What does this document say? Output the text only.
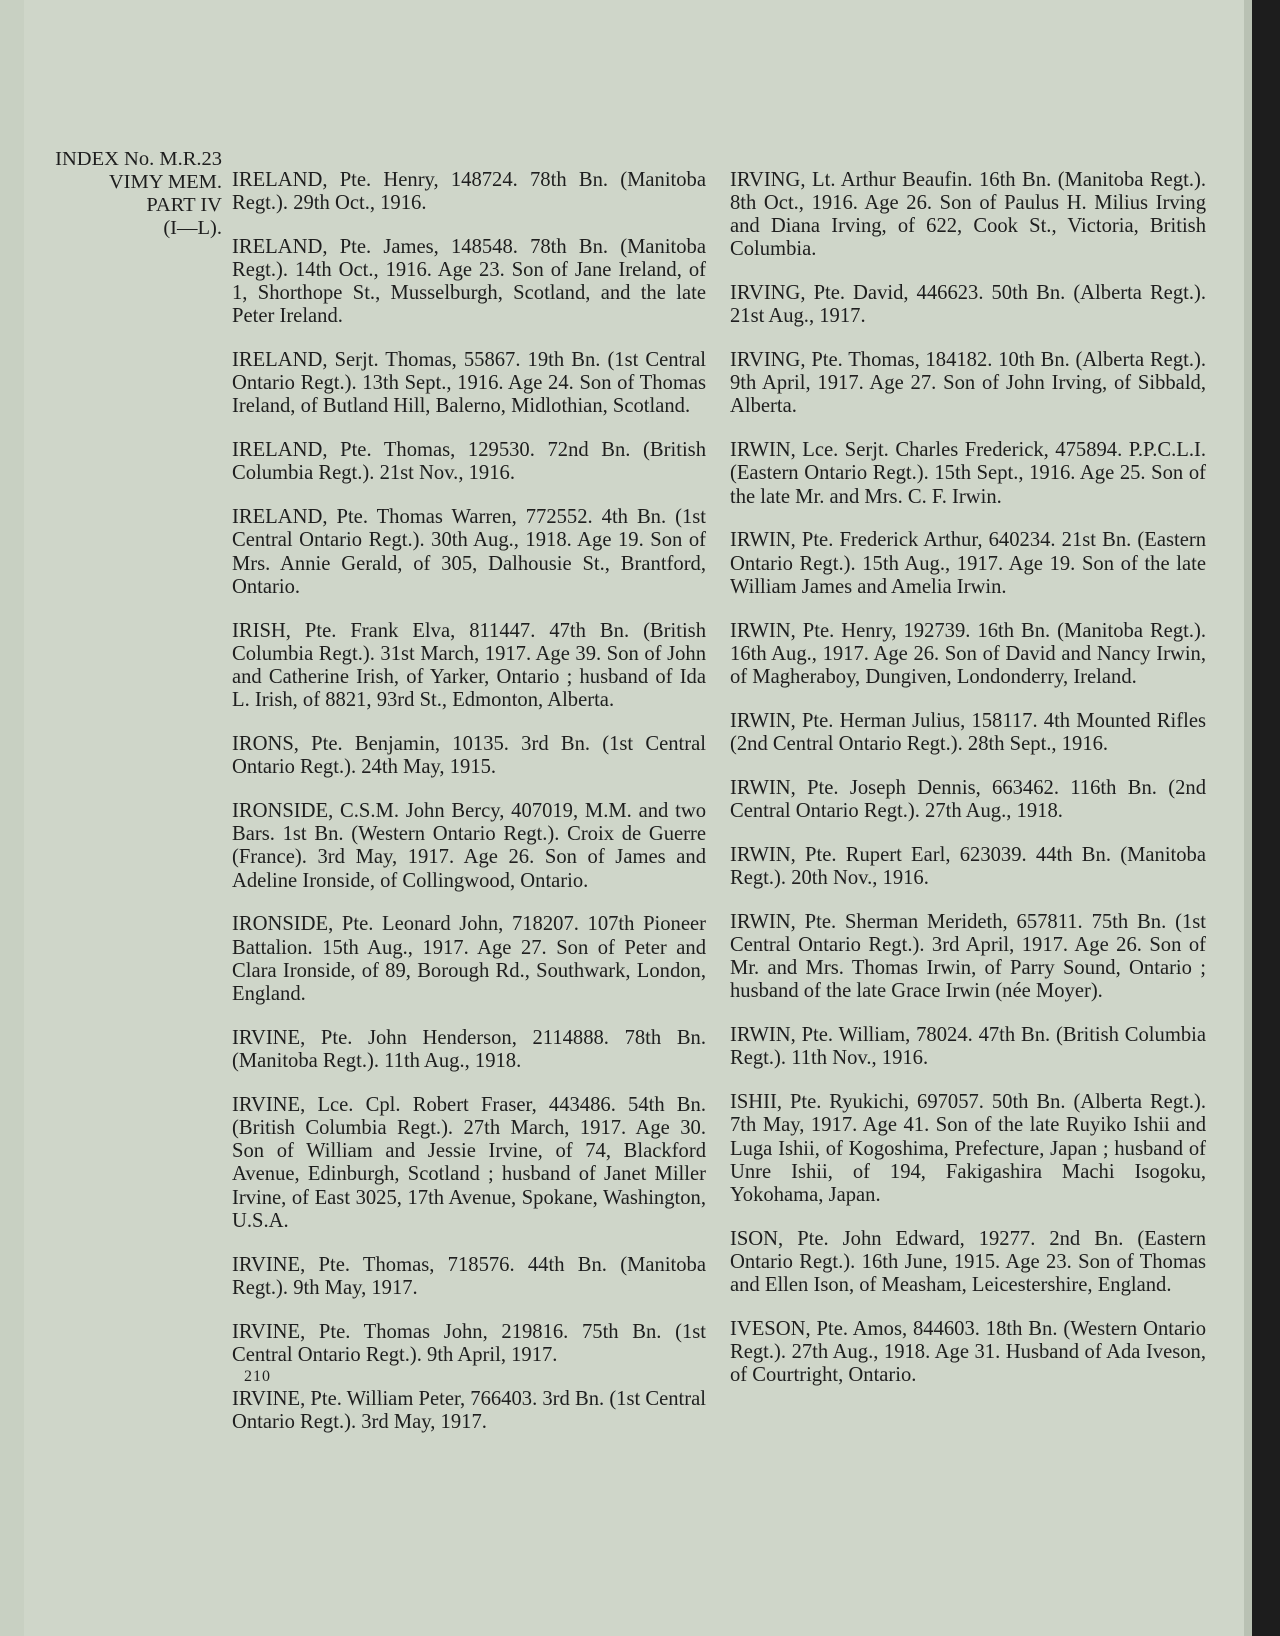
INDEX No. M.R.23
VIMY MEM.
PART IV
(I—L).

IRELAND, Pte. Henry, 148724. 78th Bn. (Manitoba Regt.). 29th Oct., 1916.

IRELAND, Pte. James, 148548. 78th Bn. (Manitoba Regt.). 14th Oct., 1916. Age 23. Son of Jane Ireland, of 1, Shorthope St., Musselburgh, Scotland, and the late Peter Ireland.

IRELAND, Serjt. Thomas, 55867. 19th Bn. (1st Central Ontario Regt.). 13th Sept., 1916. Age 24. Son of Thomas Ireland, of Butland Hill, Balerno, Midlothian, Scotland.

IRELAND, Pte. Thomas, 129530. 72nd Bn. (British Columbia Regt.). 21st Nov., 1916.

IRELAND, Pte. Thomas Warren, 772552. 4th Bn. (1st Central Ontario Regt.). 30th Aug., 1918. Age 19. Son of Mrs. Annie Gerald, of 305, Dalhousie St., Brantford, Ontario.

IRISH, Pte. Frank Elva, 811447. 47th Bn. (British Columbia Regt.). 31st March, 1917. Age 39. Son of John and Catherine Irish, of Yarker, Ontario ; husband of Ida L. Irish, of 8821, 93rd St., Edmonton, Alberta.

IRONS, Pte. Benjamin, 10135. 3rd Bn. (1st Central Ontario Regt.). 24th May, 1915.

IRONSIDE, C.S.M. John Bercy, 407019, M.M. and two Bars. 1st Bn. (Western Ontario Regt.). Croix de Guerre (France). 3rd May, 1917. Age 26. Son of James and Adeline Ironside, of Collingwood, Ontario.

IRONSIDE, Pte. Leonard John, 718207. 107th Pioneer Battalion. 15th Aug., 1917. Age 27. Son of Peter and Clara Ironside, of 89, Borough Rd., Southwark, London, England.

IRVINE, Pte. John Henderson, 2114888. 78th Bn. (Manitoba Regt.). 11th Aug., 1918.

IRVINE, Lce. Cpl. Robert Fraser, 443486. 54th Bn. (British Columbia Regt.). 27th March, 1917. Age 30. Son of William and Jessie Irvine, of 74, Blackford Avenue, Edinburgh, Scotland ; husband of Janet Miller Irvine, of East 3025, 17th Avenue, Spokane, Washington, U.S.A.

IRVINE, Pte. Thomas, 718576. 44th Bn. (Manitoba Regt.). 9th May, 1917.

IRVINE, Pte. Thomas John, 219816. 75th Bn. (1st Central Ontario Regt.). 9th April, 1917.

IRVINE, Pte. William Peter, 766403. 3rd Bn. (1st Central Ontario Regt.). 3rd May, 1917.

IRVING, Lt. Arthur Beaufin. 16th Bn. (Manitoba Regt.). 8th Oct., 1916. Age 26. Son of Paulus H. Milius Irving and Diana Irving, of 622, Cook St., Victoria, British Columbia.

IRVING, Pte. David, 446623. 50th Bn. (Alberta Regt.). 21st Aug., 1917.

IRVING, Pte. Thomas, 184182. 10th Bn. (Alberta Regt.). 9th April, 1917. Age 27. Son of John Irving, of Sibbald, Alberta.

IRWIN, Lce. Serjt. Charles Frederick, 475894. P.P.C.L.I. (Eastern Ontario Regt.). 15th Sept., 1916. Age 25. Son of the late Mr. and Mrs. C. F. Irwin.

IRWIN, Pte. Frederick Arthur, 640234. 21st Bn. (Eastern Ontario Regt.). 15th Aug., 1917. Age 19. Son of the late William James and Amelia Irwin.

IRWIN, Pte. Henry, 192739. 16th Bn. (Manitoba Regt.). 16th Aug., 1917. Age 26. Son of David and Nancy Irwin, of Magheraboy, Dungiven, Londonderry, Ireland.

IRWIN, Pte. Herman Julius, 158117. 4th Mounted Rifles (2nd Central Ontario Regt.). 28th Sept., 1916.

IRWIN, Pte. Joseph Dennis, 663462. 116th Bn. (2nd Central Ontario Regt.). 27th Aug., 1918.

IRWIN, Pte. Rupert Earl, 623039. 44th Bn. (Manitoba Regt.). 20th Nov., 1916.

IRWIN, Pte. Sherman Merideth, 657811. 75th Bn. (1st Central Ontario Regt.). 3rd April, 1917. Age 26. Son of Mr. and Mrs. Thomas Irwin, of Parry Sound, Ontario ; husband of the late Grace Irwin (née Moyer).

IRWIN, Pte. William, 78024. 47th Bn. (British Columbia Regt.). 11th Nov., 1916.

ISHII, Pte. Ryukichi, 697057. 50th Bn. (Alberta Regt.). 7th May, 1917. Age 41. Son of the late Ruyiko Ishii and Luga Ishii, of Kogoshima, Prefecture, Japan ; husband of Unre Ishii, of 194, Fakigashira Machi Isogoku, Yokohama, Japan.

ISON, Pte. John Edward, 19277. 2nd Bn. (Eastern Ontario Regt.). 16th June, 1915. Age 23. Son of Thomas and Ellen Ison, of Measham, Leicestershire, England.

IVESON, Pte. Amos, 844603. 18th Bn. (Western Ontario Regt.). 27th Aug., 1918. Age 31. Husband of Ada Iveson, of Courtright, Ontario.

210
